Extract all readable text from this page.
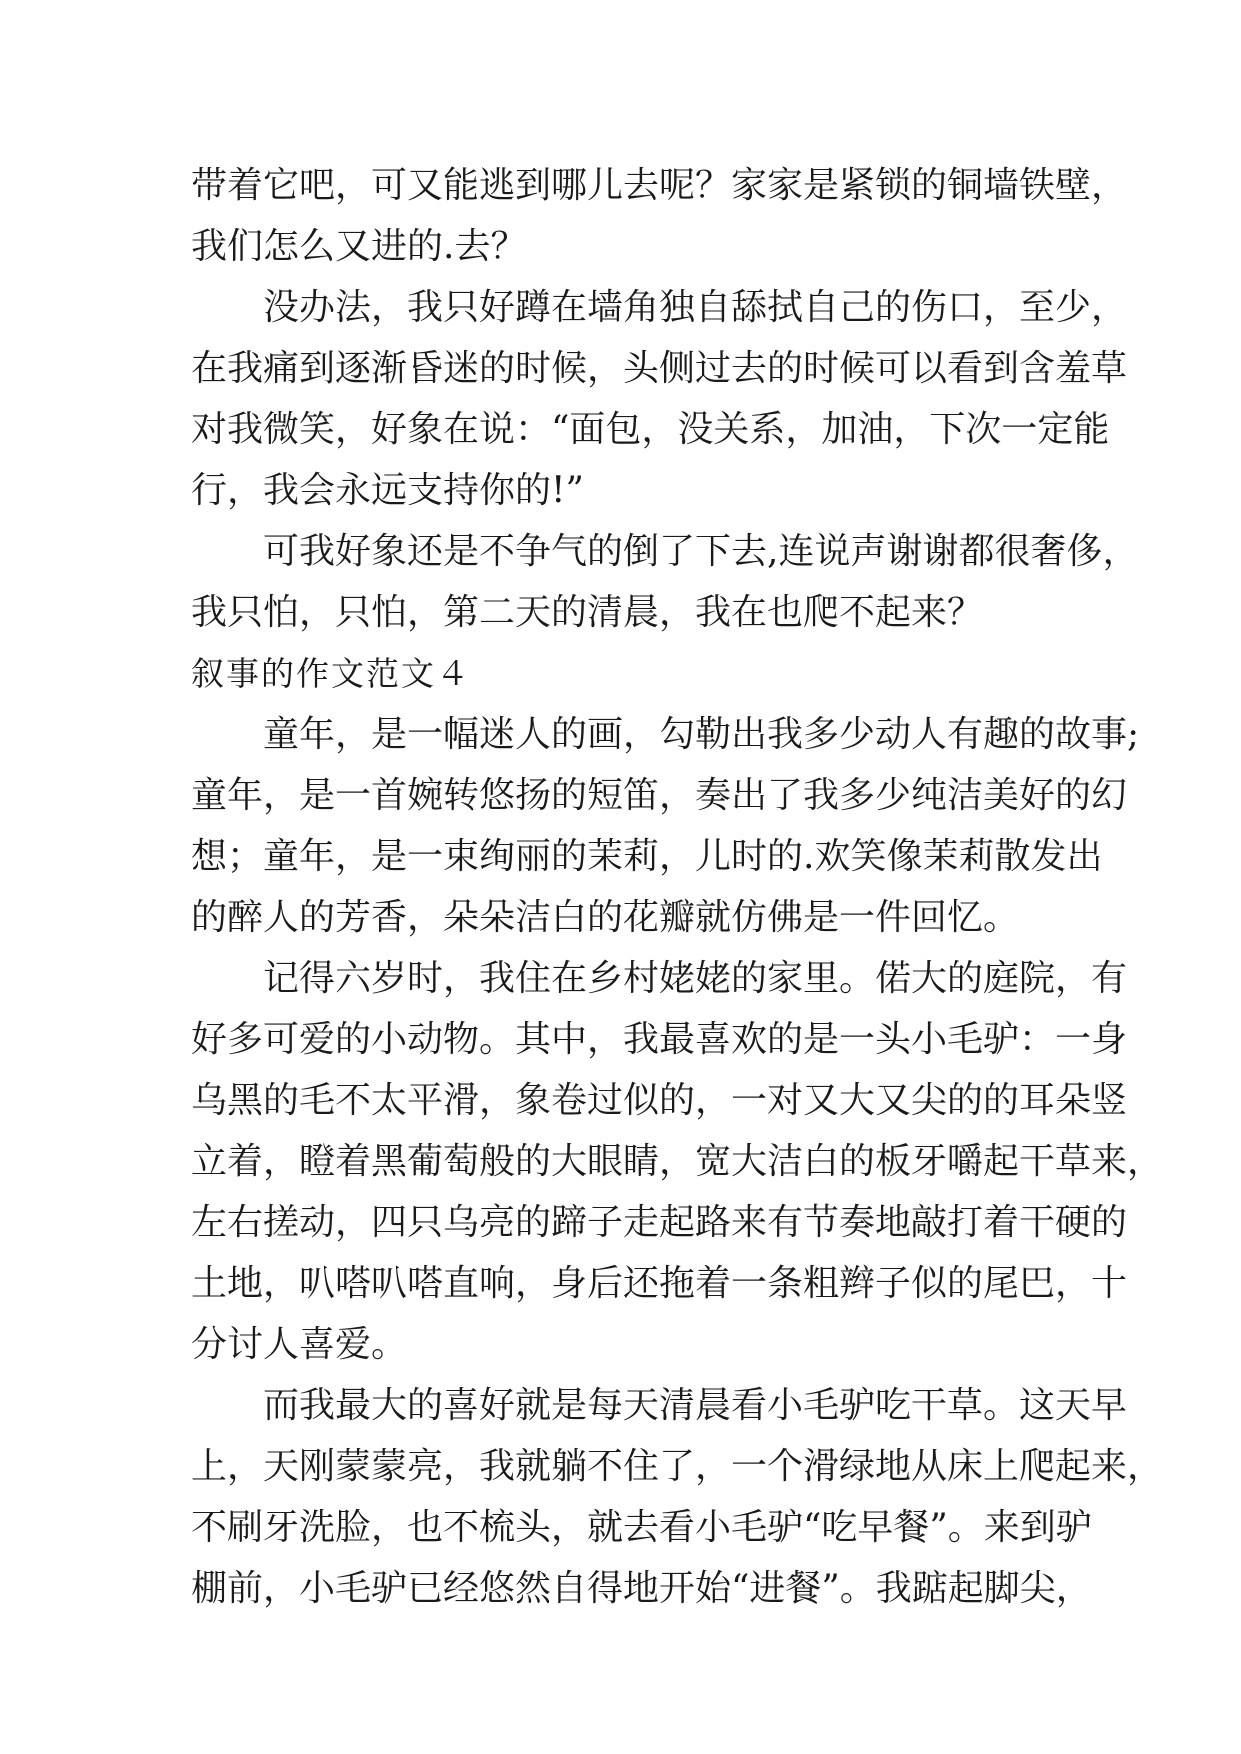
带着它吧，可又能逃到哪儿去呢？家家是紧锁的铜墙铁壁，
我们怎么又进的.去？

没办法，我只好蹲在墙角独自舔拭自己的伤口，至少，
在我痛到逐渐昏迷的时候，头侧过去的时候可以看到含羞草
对我微笑，好象在说：“面包，没关系，加油，下次一定能
行，我会永远支持你的!”

可我好象还是不争气的倒了下去,连说声谢谢都很奢侈，
我只怕，只怕，第二天的清晨，我在也爬不起来？

叙事的作文范文４

童年，是一幅迷人的画，勾勒出我多少动人有趣的故事;
童年，是一首婉转悠扬的短笛，奏出了我多少纯洁美好的幻
想；童年，是一束绚丽的茉莉，儿时的.欢笑像茉莉散发出
的醉人的芳香，朵朵洁白的花瓣就仿佛是一件回忆。

记得六岁时，我住在乡村姥姥的家里。偌大的庭院，有
好多可爱的小动物。其中，我最喜欢的是一头小毛驴：一身
乌黑的毛不太平滑，象卷过似的，一对又大又尖的的耳朵竖
立着，瞪着黑葡萄般的大眼睛，宽大洁白的板牙嚼起干草来，
左右搓动，四只乌亮的蹄子走起路来有节奏地敲打着干硬的
土地，叭嗒叭嗒直响，身后还拖着一条粗辫子似的尾巴，十
分讨人喜爱。

而我最大的喜好就是每天清晨看小毛驴吃干草。这天早
上，天刚蒙蒙亮，我就躺不住了，一个滑绿地从床上爬起来，
不刷牙洗脸，也不梳头，就去看小毛驴“吃早餐”。来到驴
棚前，小毛驴已经悠然自得地开始“进餐”。我踮起脚尖，
